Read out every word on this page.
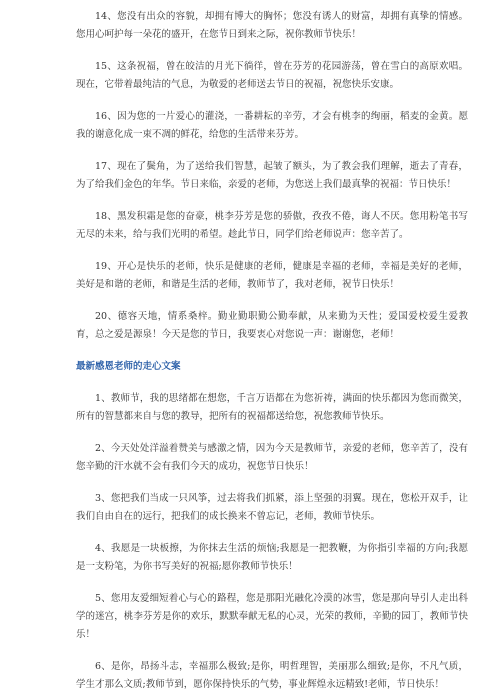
14、您没有出众的容貌，却拥有博大的胸怀；您没有诱人的财富，却拥有真挚的情感。您用心呵护每一朵花的盛开，在您节日到来之际，祝你教师节快乐！

15、这条祝福，曾在皎洁的月光下徜徉，曾在芬芳的花园游荡，曾在雪白的高原欢唱。现在，它带着最纯洁的气息，为敬爱的老师送去节日的祝福，祝您快乐安康。

16、因为您的一片爱心的灌浇，一番耕耘的辛劳，才会有桃李的绚丽，稻麦的金黄。愿我的谢意化成一束不凋的鲜花，给您的生活带来芬芳。

17、现在了鬓角，为了送给我们智慧，起皱了额头，为了教会我们理解，逝去了青春，为了给我们金色的年华。节日来临，亲爱的老师，为您送上我们最真挚的祝福：节日快乐！

18、黑发积霜是您的奋豪，桃李芬芳是您的骄傲，孜孜不倦，诲人不厌。您用粉笔书写无尽的未来，给与我们光明的希望。趁此节日，同学们给老师说声：您辛苦了。

19、开心是快乐的老师，快乐是健康的老师，健康是幸福的老师，幸福是美好的老师，美好是和谐的老师，和谐是生活的老师，教师节了，我对老师，祝节日快乐！

20、德容天地，情系桑梓。勤业勤职勤公勤奉献，从来勤为天性；爱国爱校爱生爱教育，总之爱是源泉！今天是您的节日，我要衷心对您说一声：谢谢您，老师！

最新感恩老师的走心文案

1、教师节，我的思绪都在想您，千言万语都在为您祈祷，满面的快乐都因为您而微笑，所有的智慧都来自与您的教导，把所有的祝福都送给您，祝您教师节快乐。

2、今天处处洋溢着赞美与感激之情，因为今天是教师节，亲爱的老师，您辛苦了，没有您辛勤的汗水就不会有我们今天的成功，祝您节日快乐！

3、您把我们当成一只风筝，过去将我们抓紧，添上坚强的羽翼。现在，您松开双手，让我们自由自在的远行，把我们的成长换来不曾忘记，老师，教师节快乐。

4、我愿是一块板擦，为你抹去生活的烦恼;我愿是一把教鞭，为你指引幸福的方向;我愿是一支粉笔，为你书写美好的祝福;愿你教师节快乐！

5、您用友爱细短着心与心的路程，您是那阳光融化冷漠的冰雪，您是那向导引人走出科学的迷宫，桃李芬芳是你的欢乐，默默奉献无私的心灵，光荣的教师，辛勤的园丁，教师节快乐！

6、是你，昂扬斗志，幸福那么极致;是你，明哲理智，美丽那么细致;是你，不凡气质，学生才那么文质;教师节到，愿你保持快乐的气势，事业辉煌永远精致!老师，节日快乐！
